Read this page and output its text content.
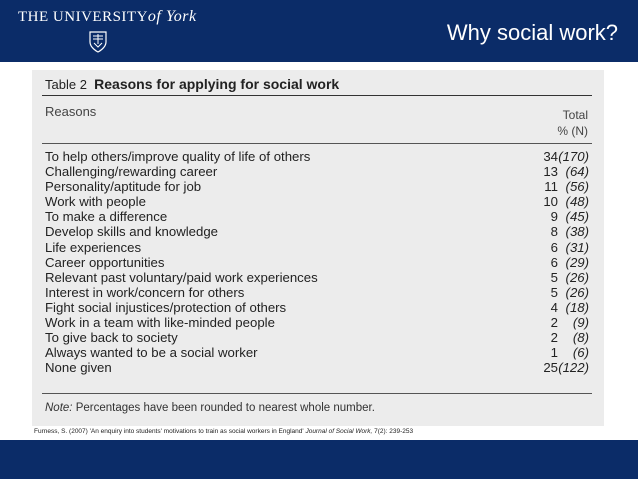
THE UNIVERSITYof York
Why social work?
Table 2 Reasons for applying for social work
Reasons	Total
% (N)
To help others/improve quality of life of others	34 (170)
Challenging/rewarding career	13 (64)
Personality/aptitude for job	11 (56)
Work with people	10 (48)
To make a difference	9 (45)
Develop skills and knowledge	8 (38)
Life experiences	6 (31)
Career opportunities	6 (29)
Relevant past voluntary/paid work experiences	5 (26)
Interest in work/concern for others	5 (26)
Fight social injustices/protection of others	4 (18)
Work in a team with like-minded people	2 (9)
To give back to society	2 (8)
Always wanted to be a social worker	1 (6)
None given	25 (122)
Note: Percentages have been rounded to nearest whole number.
Furness, S. (2007) 'An enquiry into students' motivations to train as social workers in England' Journal of Social Work, 7(2): 239-253
